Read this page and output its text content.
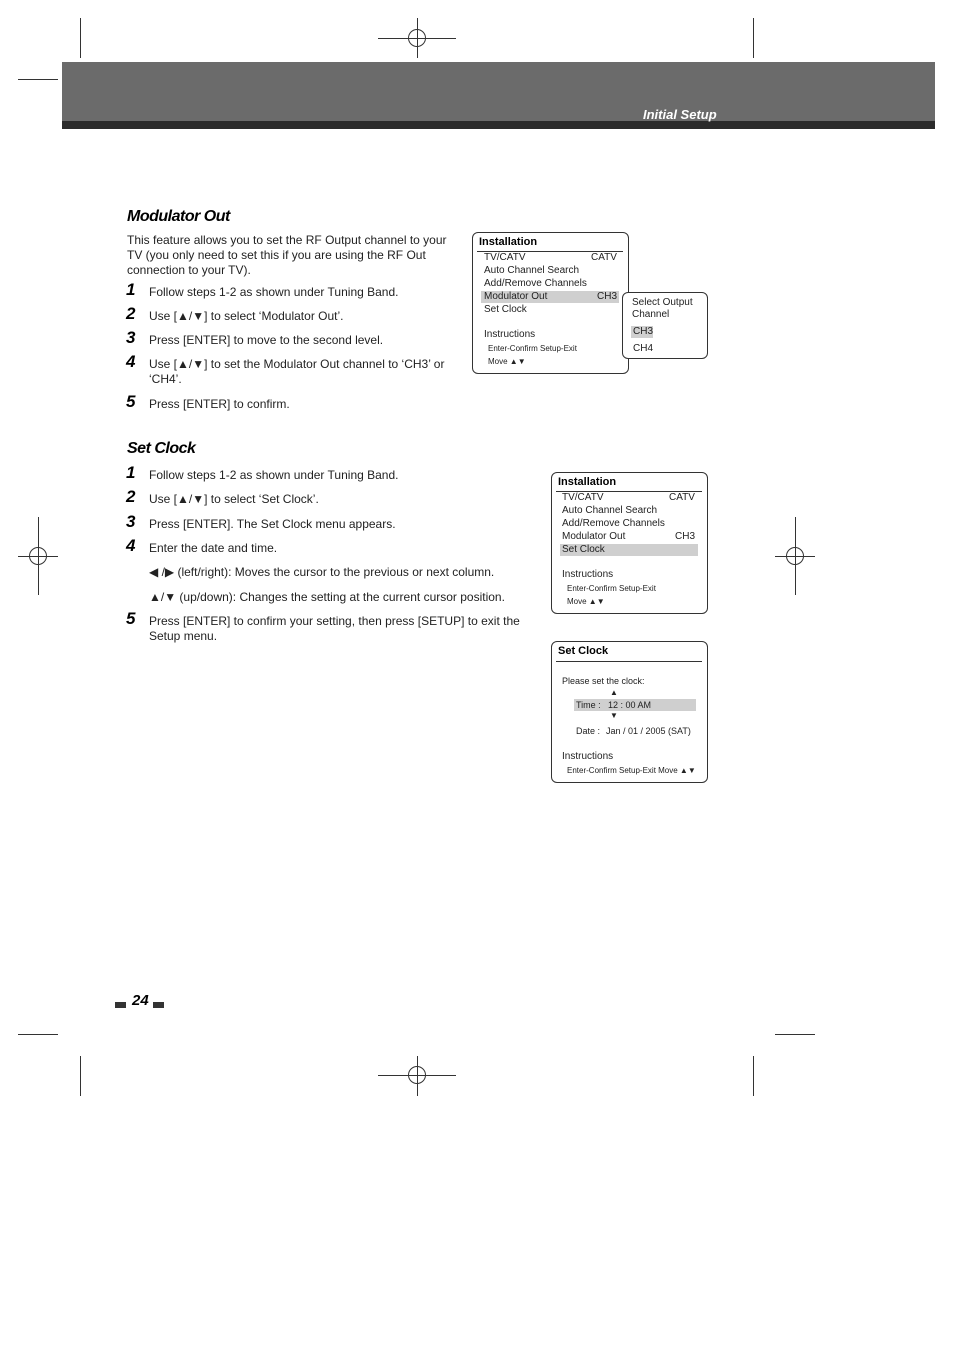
Initial Setup
Modulator Out
This feature allows you to set the RF Output channel to your TV (you only need to set this if you are using the RF Out connection to your TV).
1 Follow steps 1-2 as shown under Tuning Band.
2 Use [▲/▼] to select ‘Modulator Out’.
3 Press [ENTER] to move to the second level.
4 Use [▲/▼] to set the Modulator Out channel to ‘CH3’ or ‘CH4’.
5 Press [ENTER] to confirm.
Installation
TV/CATV	CATV
Auto Channel Search
Add/Remove Channels
Modulator Out	CH3
Set Clock
Instructions
Enter-Confirm Setup-Exit
Move ▲▼
Select Output Channel
CH3
CH4
Set Clock
1 Follow steps 1-2 as shown under Tuning Band.
2 Use [▲/▼] to select ‘Set Clock’.
3 Press [ENTER]. The Set Clock menu appears.
4 Enter the date and time.
◀ /▶ (left/right): Moves the cursor to the previous or next column.
▲/▼ (up/down): Changes the setting at the current cursor position.
5 Press [ENTER] to confirm your setting, then press [SETUP] to exit the Setup menu.
Installation
TV/CATV	CATV
Auto Channel Search
Add/Remove Channels
Modulator Out	CH3
Set Clock
Instructions
Enter-Confirm Setup-Exit
Move ▲▼
Set Clock
Please set the clock:
▲
Time : 12 : 00 AM
▼
Date : Jan / 01 / 2005 (SAT)
Instructions
Enter-Confirm Setup-Exit Move ▲▼
24
